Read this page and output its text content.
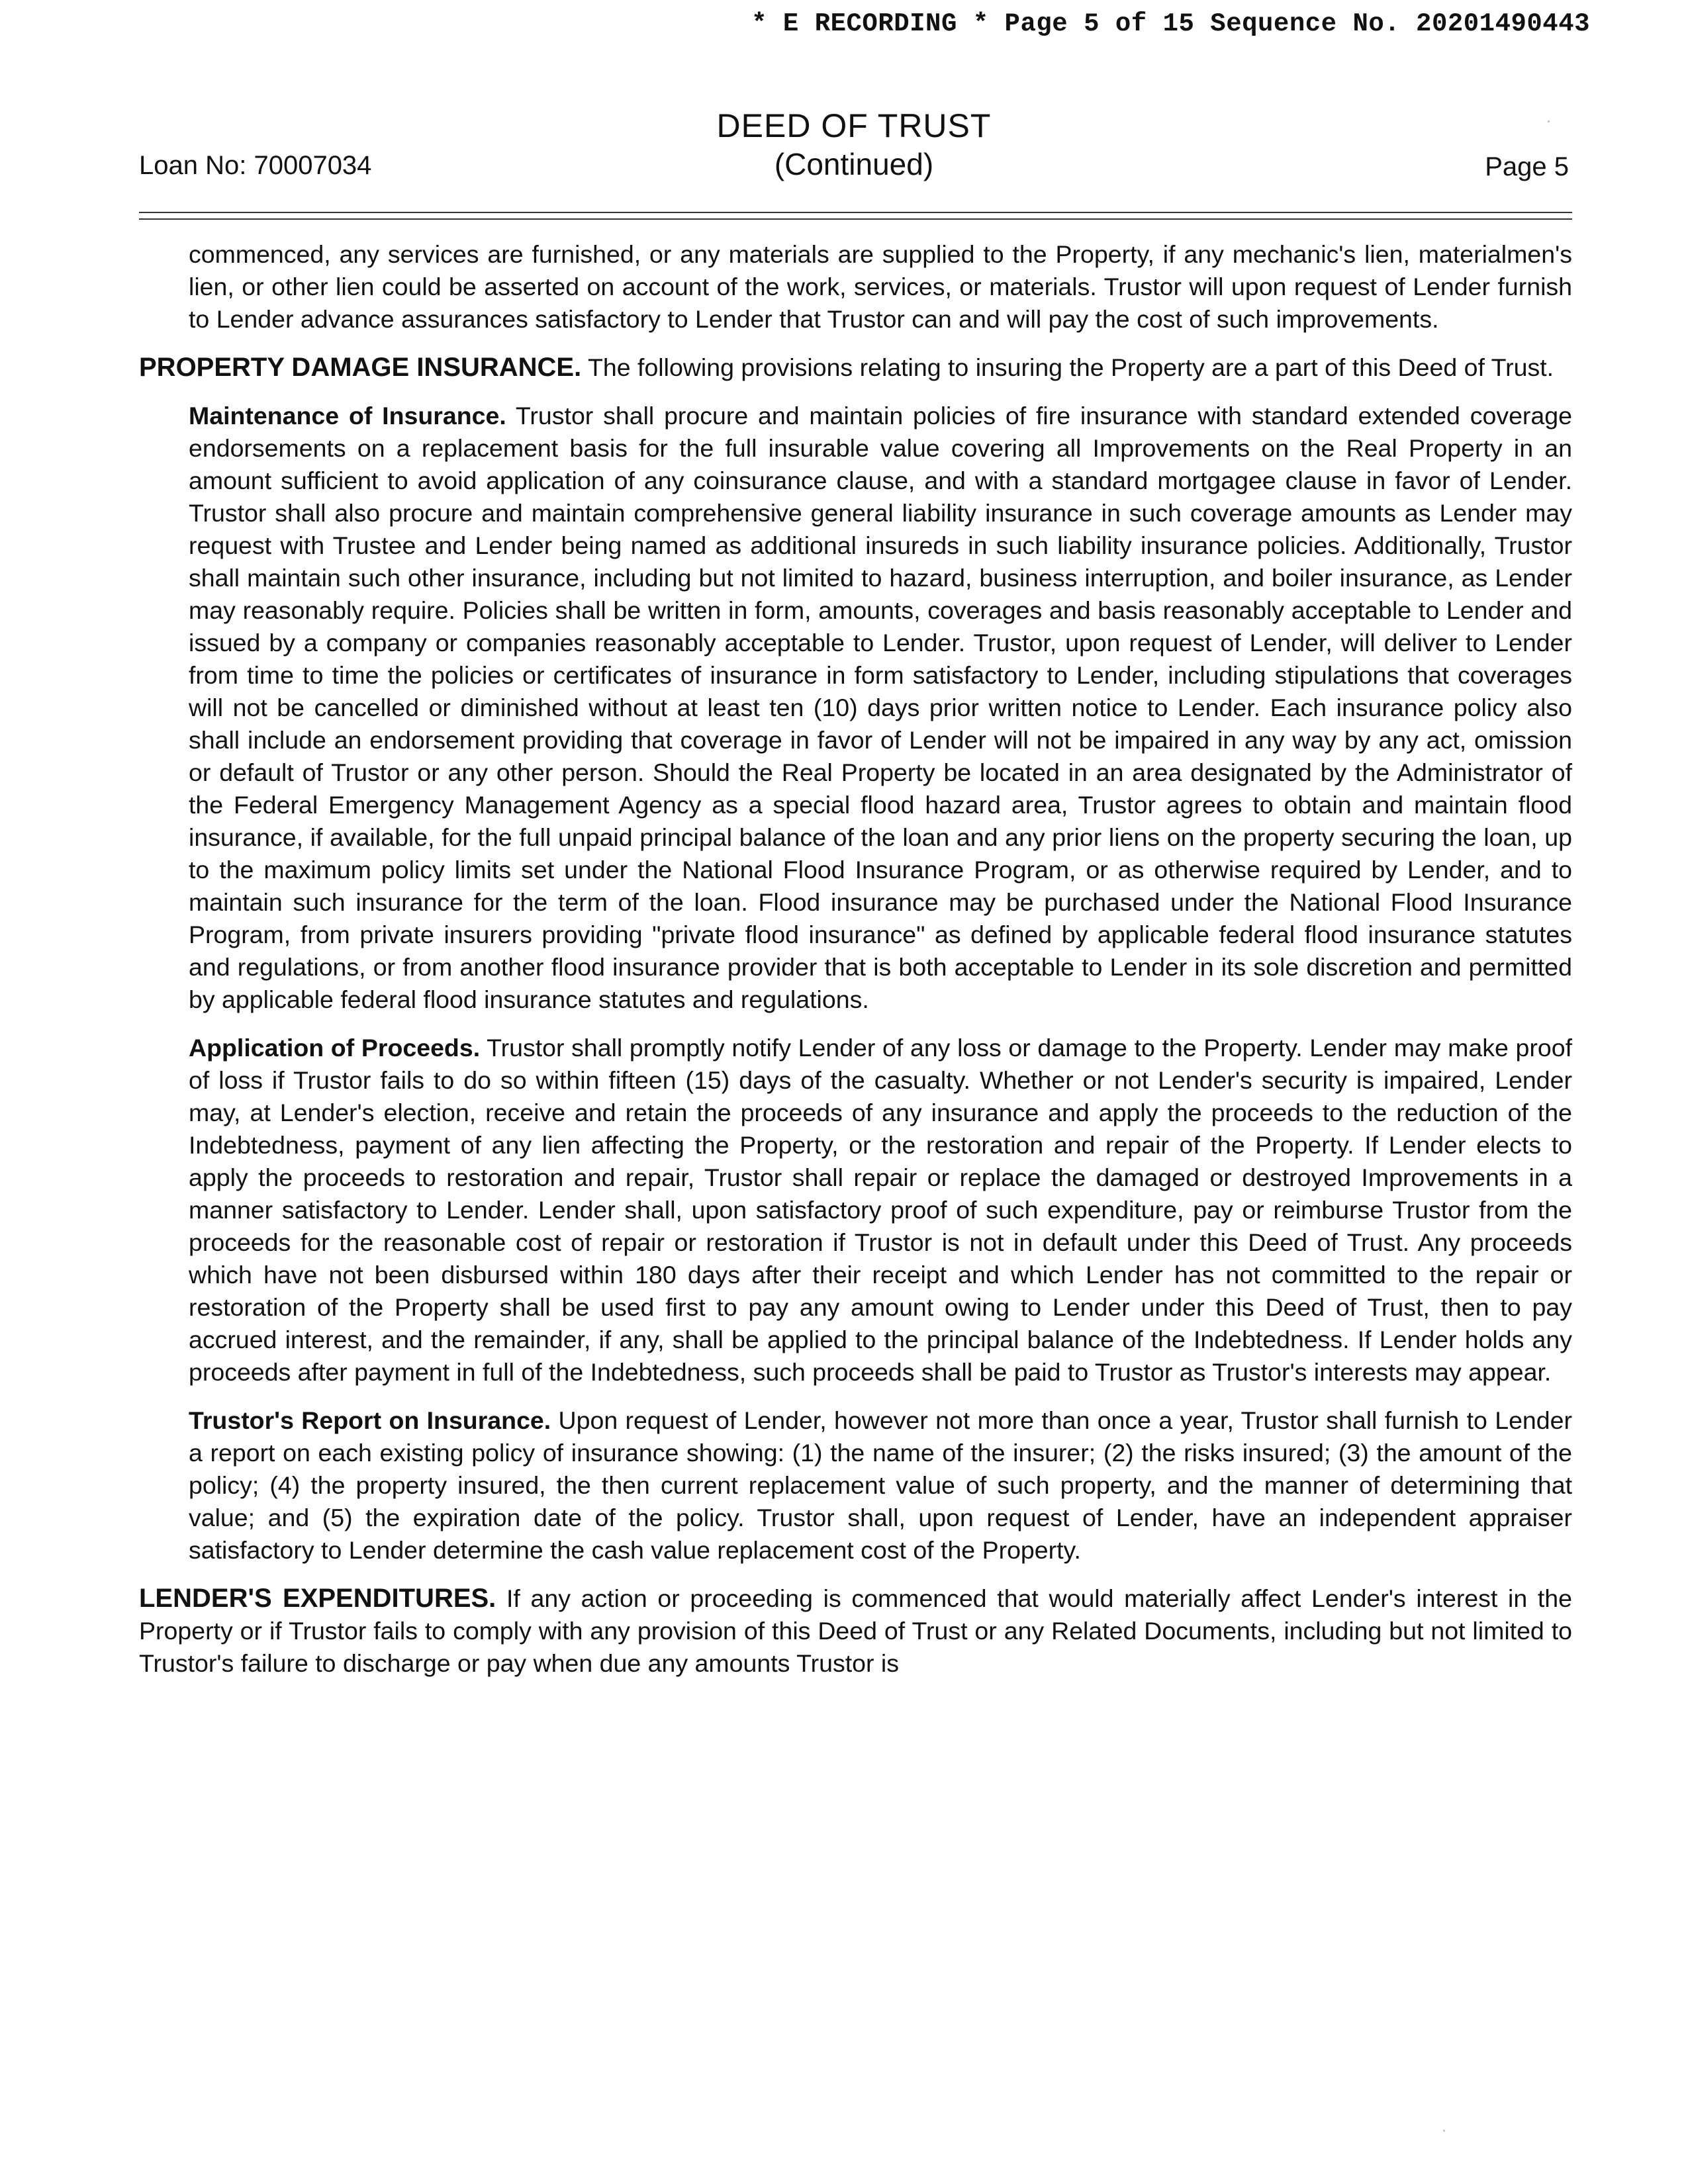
* E RECORDING * Page 5 of 15 Sequence No. 20201490443
DEED OF TRUST
(Continued)
Loan No: 70007034	Page 5

commenced, any services are furnished, or any materials are supplied to the Property, if any mechanic's lien, materialmen's lien, or other lien could be asserted on account of the work, services, or materials. Trustor will upon request of Lender furnish to Lender advance assurances satisfactory to Lender that Trustor can and will pay the cost of such improvements.

PROPERTY DAMAGE INSURANCE. The following provisions relating to insuring the Property are a part of this Deed of Trust.

Maintenance of Insurance. Trustor shall procure and maintain policies of fire insurance with standard extended coverage endorsements on a replacement basis for the full insurable value covering all Improvements on the Real Property in an amount sufficient to avoid application of any coinsurance clause, and with a standard mortgagee clause in favor of Lender. Trustor shall also procure and maintain comprehensive general liability insurance in such coverage amounts as Lender may request with Trustee and Lender being named as additional insureds in such liability insurance policies. Additionally, Trustor shall maintain such other insurance, including but not limited to hazard, business interruption, and boiler insurance, as Lender may reasonably require. Policies shall be written in form, amounts, coverages and basis reasonably acceptable to Lender and issued by a company or companies reasonably acceptable to Lender. Trustor, upon request of Lender, will deliver to Lender from time to time the policies or certificates of insurance in form satisfactory to Lender, including stipulations that coverages will not be cancelled or diminished without at least ten (10) days prior written notice to Lender. Each insurance policy also shall include an endorsement providing that coverage in favor of Lender will not be impaired in any way by any act, omission or default of Trustor or any other person. Should the Real Property be located in an area designated by the Administrator of the Federal Emergency Management Agency as a special flood hazard area, Trustor agrees to obtain and maintain flood insurance, if available, for the full unpaid principal balance of the loan and any prior liens on the property securing the loan, up to the maximum policy limits set under the National Flood Insurance Program, or as otherwise required by Lender, and to maintain such insurance for the term of the loan. Flood insurance may be purchased under the National Flood Insurance Program, from private insurers providing "private flood insurance" as defined by applicable federal flood insurance statutes and regulations, or from another flood insurance provider that is both acceptable to Lender in its sole discretion and permitted by applicable federal flood insurance statutes and regulations.

Application of Proceeds. Trustor shall promptly notify Lender of any loss or damage to the Property. Lender may make proof of loss if Trustor fails to do so within fifteen (15) days of the casualty. Whether or not Lender's security is impaired, Lender may, at Lender's election, receive and retain the proceeds of any insurance and apply the proceeds to the reduction of the Indebtedness, payment of any lien affecting the Property, or the restoration and repair of the Property. If Lender elects to apply the proceeds to restoration and repair, Trustor shall repair or replace the damaged or destroyed Improvements in a manner satisfactory to Lender. Lender shall, upon satisfactory proof of such expenditure, pay or reimburse Trustor from the proceeds for the reasonable cost of repair or restoration if Trustor is not in default under this Deed of Trust. Any proceeds which have not been disbursed within 180 days after their receipt and which Lender has not committed to the repair or restoration of the Property shall be used first to pay any amount owing to Lender under this Deed of Trust, then to pay accrued interest, and the remainder, if any, shall be applied to the principal balance of the Indebtedness. If Lender holds any proceeds after payment in full of the Indebtedness, such proceeds shall be paid to Trustor as Trustor's interests may appear.

Trustor's Report on Insurance. Upon request of Lender, however not more than once a year, Trustor shall furnish to Lender a report on each existing policy of insurance showing: (1) the name of the insurer; (2) the risks insured; (3) the amount of the policy; (4) the property insured, the then current replacement value of such property, and the manner of determining that value; and (5) the expiration date of the policy. Trustor shall, upon request of Lender, have an independent appraiser satisfactory to Lender determine the cash value replacement cost of the Property.

LENDER'S EXPENDITURES. If any action or proceeding is commenced that would materially affect Lender's interest in the Property or if Trustor fails to comply with any provision of this Deed of Trust or any Related Documents, including but not limited to Trustor's failure to discharge or pay when due any amounts Trustor is
